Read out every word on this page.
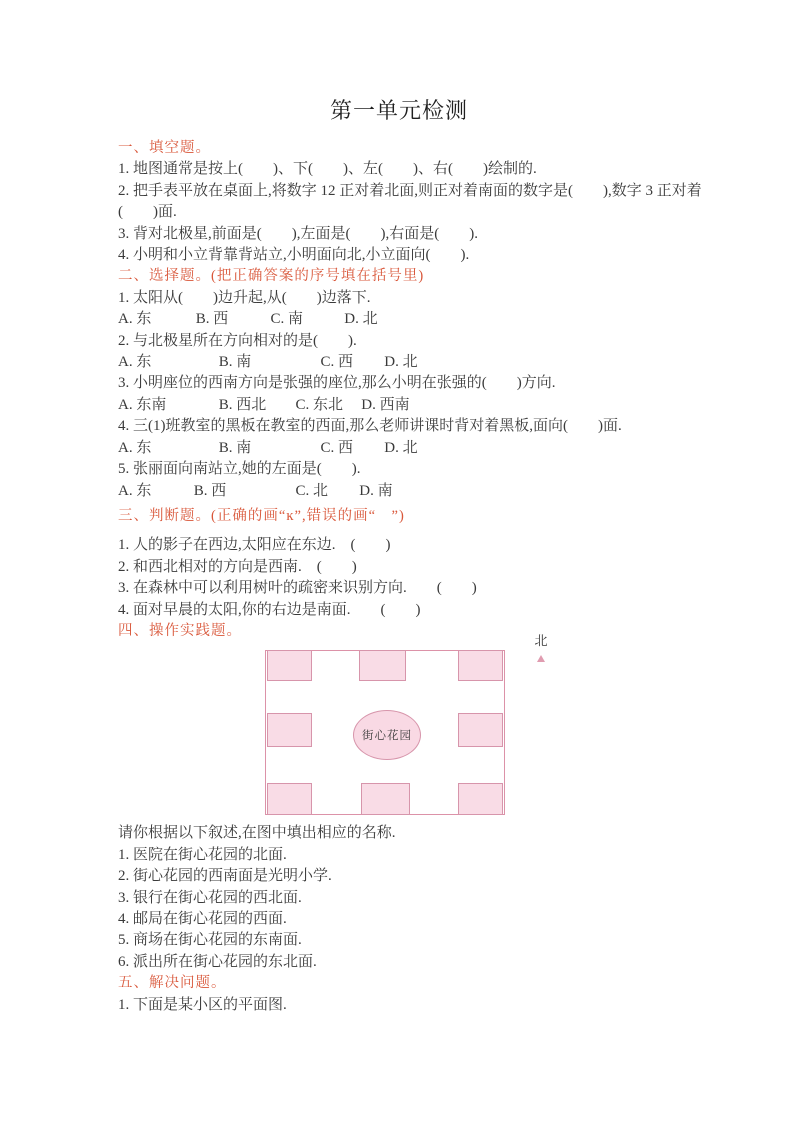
第一单元检测
一、填空题。
1. 地图通常是按上(　　)、下(　　)、左(　　)、右(　　)绘制的.
2. 把手表平放在桌面上,将数字 12 正对着北面,则正对着南面的数字是(　　),数字 3 正对着
(　　)面.
3. 背对北极星,前面是(　　),左面是(　　),右面是(　　).
4. 小明和小立背靠背站立,小明面向北,小立面向(　　).
二、选择题。(把正确答案的序号填在括号里)
1. 太阳从(　　)边升起,从(　　)边落下.
A. 东	B. 西	C. 南	D. 北
2. 与北极星所在方向相对的是(　　).
A. 东	B. 南	C. 西 D. 北
3. 小明座位的西南方向是张强的座位,那么小明在张强的(　　)方向.
A. 东南	B. 西北 C. 东北 D. 西南
4. 三(1)班教室的黑板在教室的西面,那么老师讲课时背对着黑板,面向(　　)面.
A. 东	B. 南	C. 西 D. 北
5. 张丽面向南站立,她的左面是(　　).
A. 东	B. 西	C. 北 D. 南
三、判断题。(正确的画“ĸ”,错误的画“　”)
1. 人的影子在西边,太阳应在东边.　(　　)
2. 和西北相对的方向是西南.　(　　)
3. 在森林中可以利用树叶的疏密来识别方向.　　(　　)
4. 面对早晨的太阳,你的右边是南面.　　(　　)
四、操作实践题。
街心花园
北
请你根据以下叙述,在图中填出相应的名称.
1. 医院在街心花园的北面.
2. 街心花园的西南面是光明小学.
3. 银行在街心花园的西北面.
4. 邮局在街心花园的西面.
5. 商场在街心花园的东南面.
6. 派出所在街心花园的东北面.
五、解决问题。
1. 下面是某小区的平面图.
